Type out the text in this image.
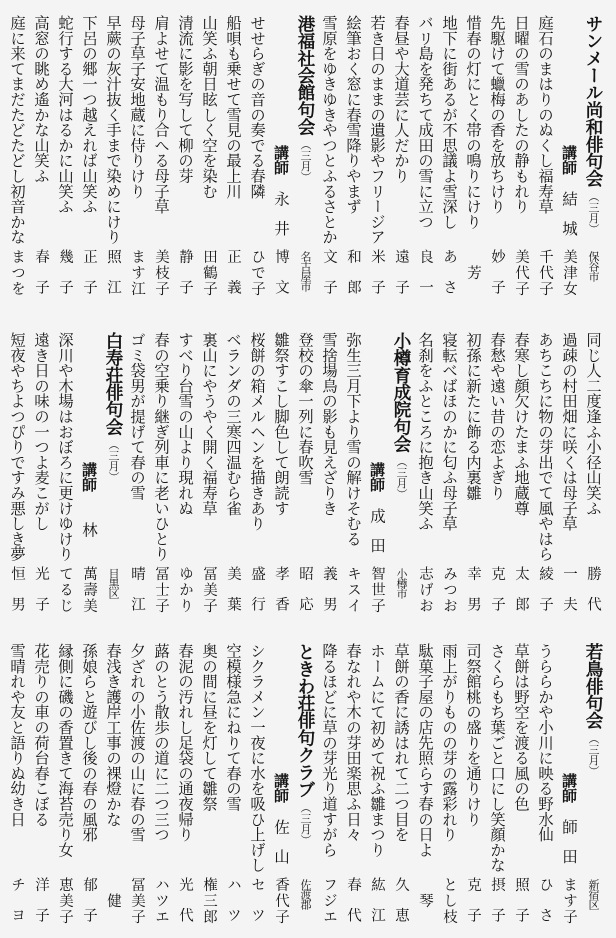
サンメール尚和俳句会（三月）
保谷市
講師
結城
美津女
庭石のまはりのぬくし福寿草
千代子
日曜の雪のあしたの静もれり
美代子
先駆けて蠟梅の香を放ちけり
妙子
惜春の灯にとく帯の鳴りにけり
芳
地下に街あるが不思議よ雪深し
あさ
バリ島を発ちて成田の雪に立つ
良一
春昼や大道芸に人だかり
遠子
若き日のままの遺影やフリージア
米子
絵筆おく窓に春雪降りやまず
和郎
雪原をゆきゆきやつとふるさとか
文子
港福社会館句会（三月）
名古屋市
講師
永井
博文
せせらぎの音の奏でる春隣
ひで子
船唄も乗せて雪見の最上川
正義
山笑ふ朝日眩しく空を染む
田鶴子
清流に影を写して柳の芽
静子
肩よせて温もり合へる母子草
美枝子
母子草子安地蔵に侍りけり
ます江
早蕨の灰汁抜く手まで染めにけり
照江
下呂の郷一つ越えれば山笑ふ
正子
蛇行する大河はるかに山笑ふ
幾子
高窓の眺め遙かな山笑ふ
春子
庭に来てまだたどたどし初音かな
まつを
同じ人二度逢ふ小径山笑ふ
勝代
過疎の村田畑に咲くは母子草
一夫
あちこちに物の芽出でて風やはら
綾子
春寒し顔欠けたまふ地蔵尊
太郎
春愁や遠い昔の恋よぎり
克子
初孫に新たに飾る内裏雛
幸男
寝転べばほのかに匂ふ母子草
みつお
名刹をふところに抱き山笑ふ
志げお
小樽育成院句会（三月）
小樽市
講師
成田
智世子
弥生三月下より雪の解けそむる
キスイ
雪捨場鳥の影も見えざりき
義男
登校の傘一列に春吹雪
昭応
雛祭すこし脚色して朗読す
孝香
桜餅の箱メルヘンを描きあり
盛行
ベランダの三寒四温むら雀
美葉
裏山にやうやく開く福寿草
冨美子
すべり台雪の山より現れぬ
ゆかり
春の空乗り継ぎ列車に老いひとり
冨士子
ゴミ袋男が提げて春の雪
晴江
白寿荘俳句会（三月）
目黒区
講師
林
萬壽美
深川や木場はおぼろに更けゆけり
てるじ
遠き日の味の一つよ麦こがし
光子
短夜やちよつぴりですみ悪しき夢
恒男
若鳥俳句会（三月）
新宿区
講師
師田
ます子
うららかや小川に映る野水仙
ひさ
草餅は野空を渡る風の色
照子
さくらもち葉ごと口にし笑顔かな
摂子
司祭館桃の盛りを通りけり
克子
雨上がりものの芽の露彩れり
とし枝
駄菓子屋の店先照らす春の日よ
琴
草餅の香に誘はれて二つ目を
久恵
ホームにて初めて祝ふ雛まつり
紘江
春なれや木の芽田楽思ふ日々
春代
降るほどに草の芽光り道すがら
フジエ
ときわ荘俳句クラブ（三月）
佐渡郡
講師
佐山
香代子
シクラメン一夜に水を吸ひ上げし
セツ
空模様急にねりて春の雪
ハツ
奥の間に昼を灯して雛祭
権三郎
春泥の汚れし足袋の通夜帰り
光代
蕗のとう散歩の道に二つ三つ
ハツエ
夕ざれの小佐渡の山に春の雪
冨美子
春浅き護岸工事の裸燈かな
健
孫娘らと遊びし後の春の風邪
郁子
縁側に磯の香置きて海苔売り女
恵美子
花売りの車の荷台春こぼる
洋子
雪晴れや友と語りぬ幼き日
チヨ
